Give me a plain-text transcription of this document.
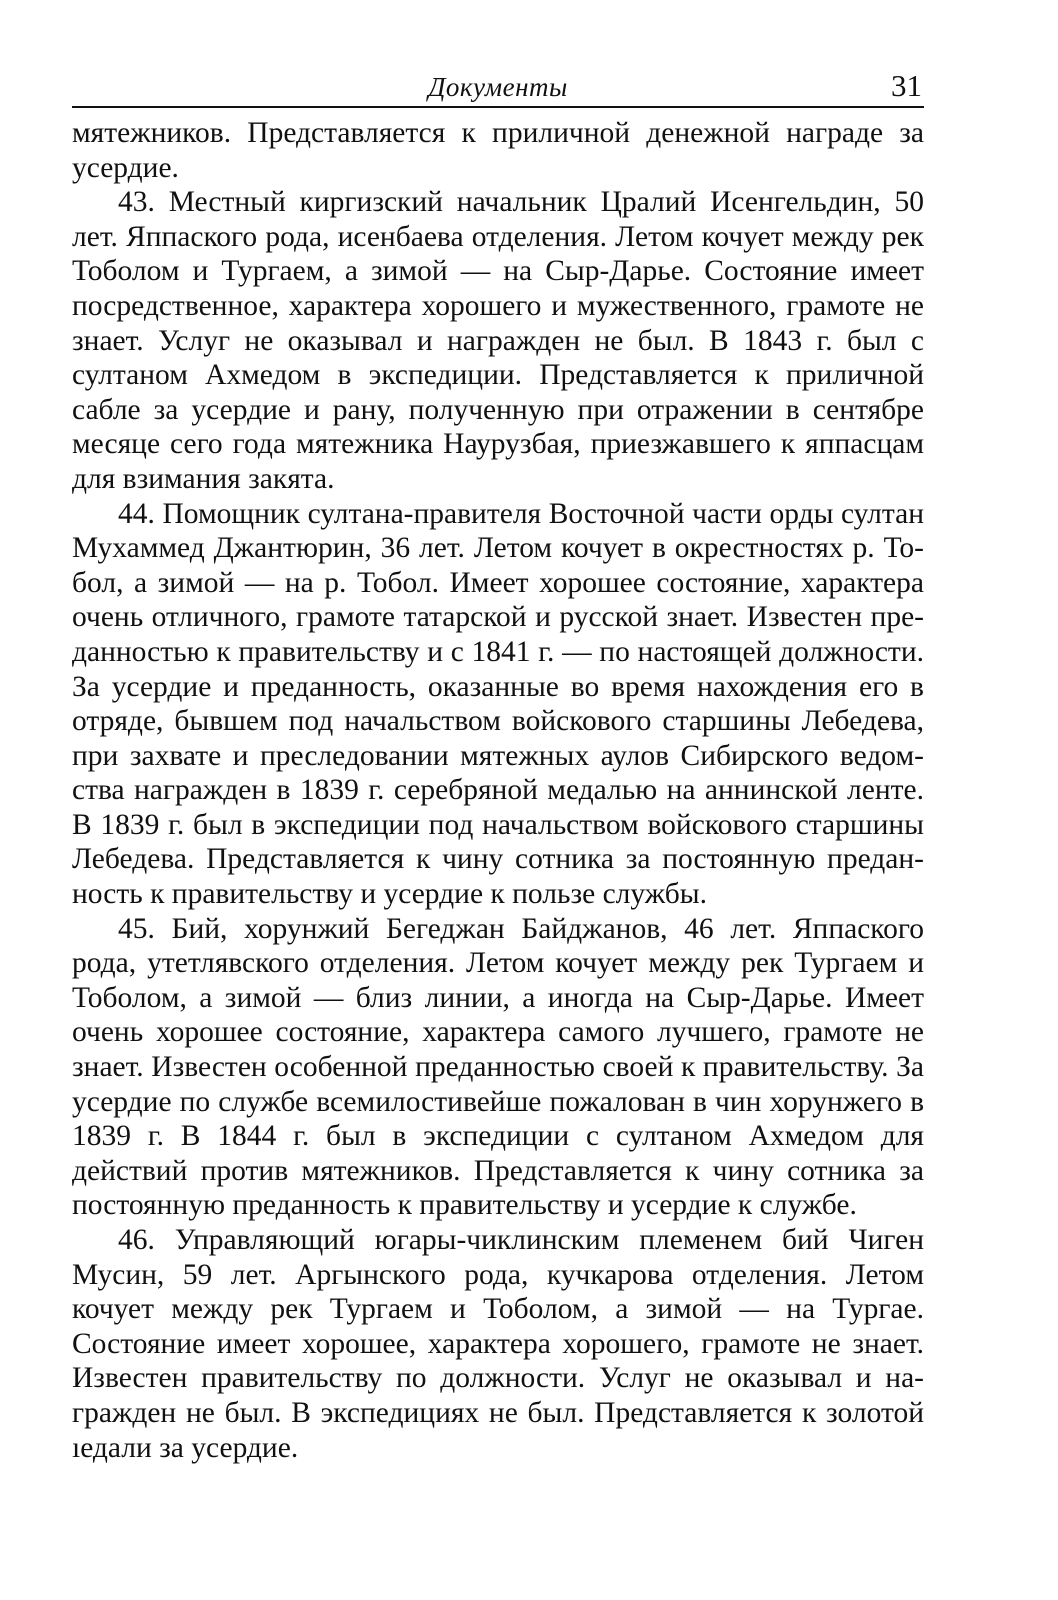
Документы	31

мятежников. Представляется к приличной денежной награде за усердие.

43. Местный киргизский начальник Цралий Исенгельдин, 50 лет. Яппаского рода, исенбаева отделения. Летом кочует между рек Тоболом и Тургаем, а зимой — на Сыр-Дарье. Состояние имеет посредственное, характера хорошего и мужественного, грамоте не знает. Услуг не оказывал и награжден не был. В 1843 г. был с султаном Ахмедом в экспедиции. Представляется к приличной сабле за усердие и рану, полученную при отражении в сентябре месяце сего года мятежника Наурузбая, приезжавшего к яппасцам для взимания закята.

44. Помощник султана-правителя Восточной части орды султан Мухаммед Джантюрин, 36 лет. Летом кочует в окрестностях р. Тобол, а зимой — на р. Тобол. Имеет хорошее состояние, характера очень отличного, грамоте татарской и русской знает. Известен преданностью к правительству и с 1841 г. — по настоящей должности. За усердие и преданность, оказанные во время нахождения его в отряде, бывшем под начальством войскового старшины Лебедева, при захвате и преследовании мятежных аулов Сибирского ведомства награжден в 1839 г. серебряной медалью на аннинской ленте. В 1839 г. был в экспедиции под начальством войскового старшины Лебедева. Представляется к чину сотника за постоянную преданность к правительству и усердие к пользе службы.

45. Бий, хорунжий Бегеджан Байджанов, 46 лет. Яппаского рода, утетлявского отделения. Летом кочует между рек Тургаем и Тоболом, а зимой — близ линии, а иногда на Сыр-Дарье. Имеет очень хорошее состояние, характера самого лучшего, грамоте не знает. Известен особенной преданностью своей к правительству. За усердие по службе всемилостивейше пожалован в чин хорунжего в 1839 г. В 1844 г. был в экспедиции с султаном Ахмедом для действий против мятежников. Представляется к чину сотника за постоянную преданность к правительству и усердие к службе.

46. Управляющий югары-чиклинским племенем бий Чиген Мусин, 59 лет. Аргынского рода, кучкарова отделения. Летом кочует между рек Тургаем и Тоболом, а зимой — на Тургае. Состояние имеет хорошее, характера хорошего, грамоте не знает. Известен правительству по должности. Услуг не оказывал и награжден не был. В экспедициях не был. Представляется к золотой ıедали за усердие.
